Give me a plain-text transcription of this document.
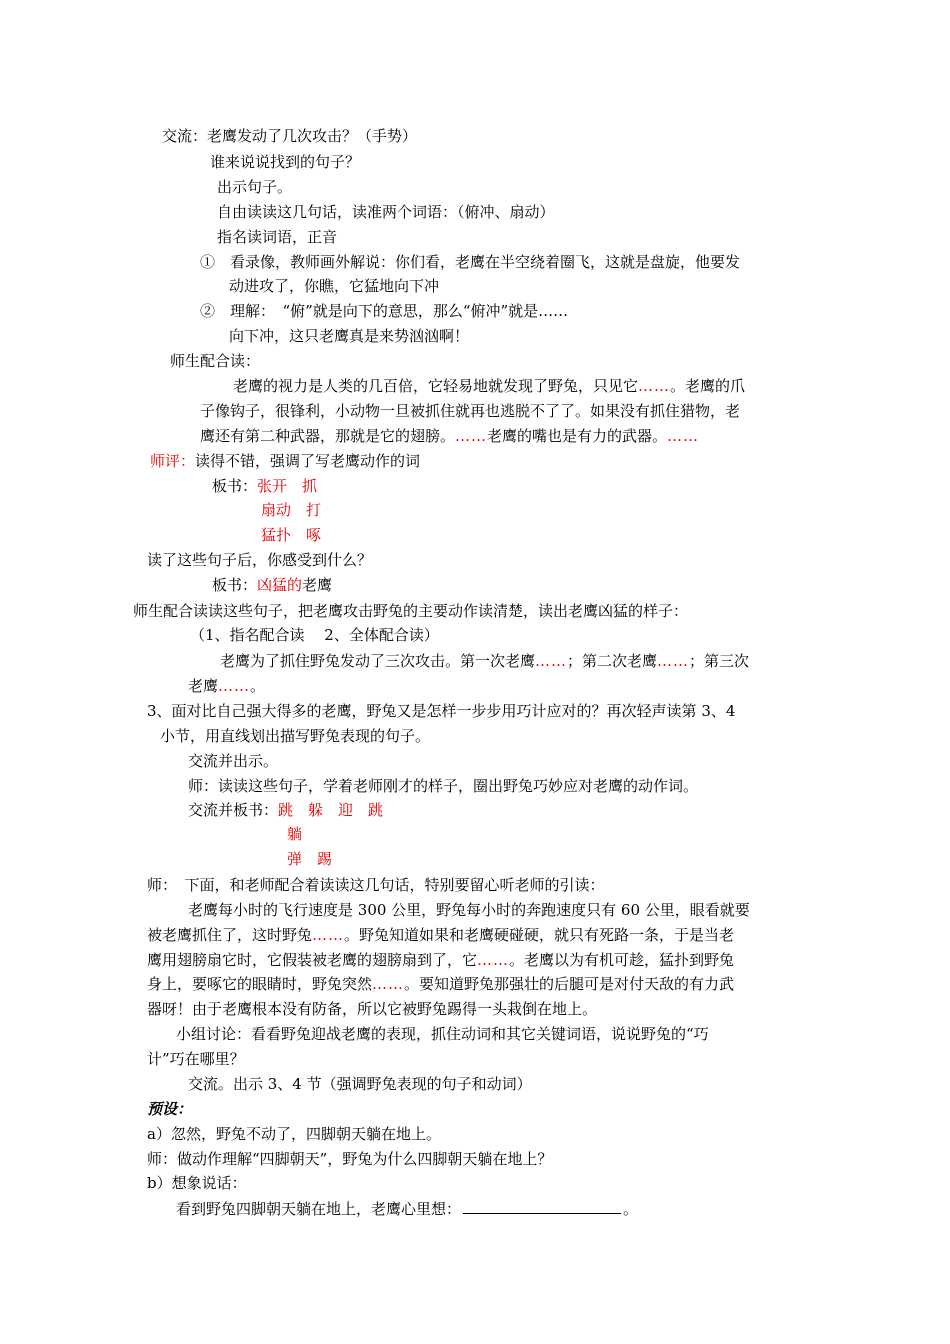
交流：老鹰发动了几次攻击？（手势）
谁来说说找到的句子？
出示句子。
自由读读这几句话，读准两个词语：（俯冲、扇动）
指名读词语，正音
①　看录像，教师画外解说：你们看，老鹰在半空绕着圈飞，这就是盘旋，他要发
动进攻了，你瞧，它猛地向下冲
②　理解：　“俯”就是向下的意思，那么“俯冲”就是……
向下冲，这只老鹰真是来势汹汹啊！
师生配合读：
老鹰的视力是人类的几百倍，它轻易地就发现了野兔，只见它……。老鹰的爪
子像钩子，很锋利，小动物一旦被抓住就再也逃脱不了了。如果没有抓住猎物，老
鹰还有第二种武器，那就是它的翅膀。……老鹰的嘴也是有力的武器。……
师评：读得不错，强调了写老鹰动作的词
板书：张开　抓
扇动　打
猛扑　啄
读了这些句子后，你感受到什么？
板书：凶猛的老鹰
师生配合读读这些句子，把老鹰攻击野兔的主要动作读清楚，读出老鹰凶猛的样子：
（1、指名配合读　 2、全体配合读）
老鹰为了抓住野兔发动了三次攻击。第一次老鹰……；第二次老鹰……；第三次
老鹰……。
3、面对比自己强大得多的老鹰，野兔又是怎样一步步用巧计应对的？再次轻声读第 3、4
小节，用直线划出描写野兔表现的句子。
交流并出示。
师：读读这些句子，学着老师刚才的样子，圈出野兔巧妙应对老鹰的动作词。
交流并板书：跳　躲　迎　跳
躺
弹　踢
师：　下面，和老师配合着读读这几句话，特别要留心听老师的引读：
老鹰每小时的飞行速度是 300 公里，野兔每小时的奔跑速度只有 60 公里，眼看就要
被老鹰抓住了，这时野兔……。野兔知道如果和老鹰硬碰硬，就只有死路一条，于是当老
鹰用翅膀扇它时，它假装被老鹰的翅膀扇到了，它……。老鹰以为有机可趁，猛扑到野兔
身上，要啄它的眼睛时，野兔突然……。要知道野兔那强壮的后腿可是对付天敌的有力武
器呀！由于老鹰根本没有防备，所以它被野兔踢得一头栽倒在地上。
小组讨论：看看野兔迎战老鹰的表现，抓住动词和其它关键词语，说说野兔的“巧
计”巧在哪里？
交流。出示 3、4 节（强调野兔表现的句子和动词）
预设：
a）忽然，野兔不动了，四脚朝天躺在地上。
师：做动作理解“四脚朝天”，野兔为什么四脚朝天躺在地上？
b）想象说话：
看到野兔四脚朝天躺在地上，老鹰心里想：	。
